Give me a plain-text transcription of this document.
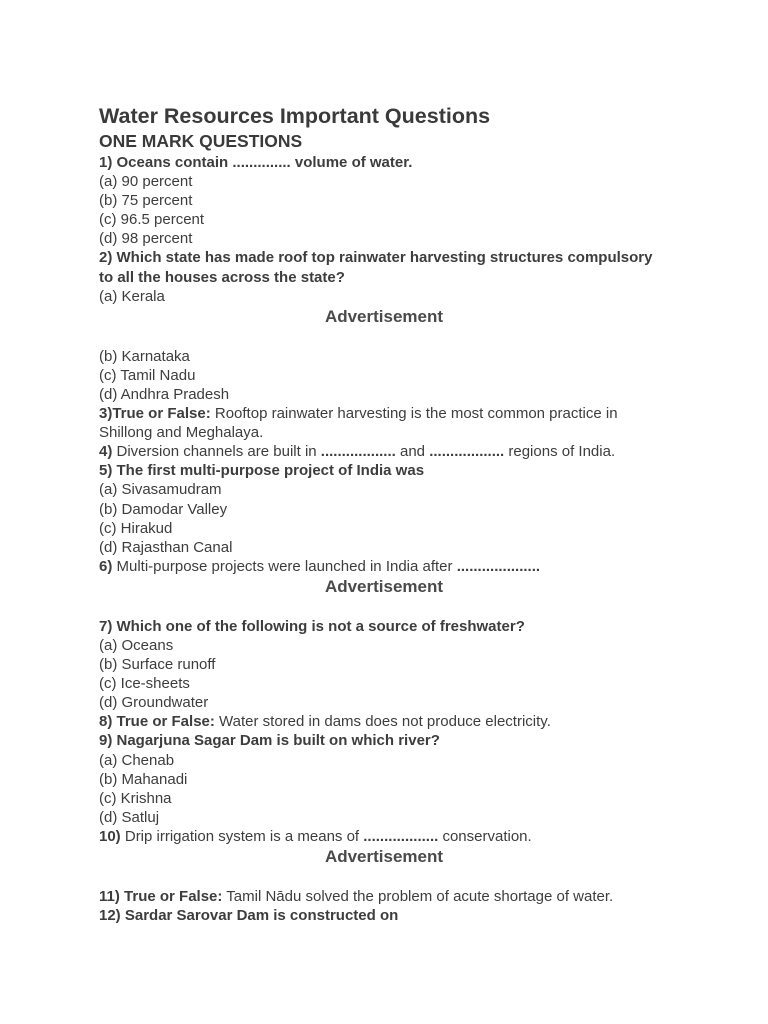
Water Resources Important Questions
ONE MARK QUESTIONS

1) Oceans contain .............. volume of water.

(a) 90 percent

(b) 75 percent

(c) 96.5 percent

(d) 98 percent

2) Which state has made roof top rainwater harvesting structures compulsory to all the houses across the state?

(a) Kerala

Advertisement

(b) Karnataka

(c) Tamil Nadu

(d) Andhra Pradesh

3)True or False: Rooftop rainwater harvesting is the most common practice in Shillong and Meghalaya.

4) Diversion channels are built in .................. and .................. regions of India.

5) The first multi-purpose project of India was

(a) Sivasamudram

(b) Damodar Valley

(c) Hirakud

(d) Rajasthan Canal

6) Multi-purpose projects were launched in India after ....................

Advertisement

7) Which one of the following is not a source of freshwater?

(a) Oceans

(b) Surface runoff

(c) Ice-sheets

(d) Groundwater

8) True or False: Water stored in dams does not produce electricity.

9) Nagarjuna Sagar Dam is built on which river?

(a) Chenab

(b) Mahanadi

(c) Krishna

(d) Satluj

10) Drip irrigation system is a means of .................. conservation.

Advertisement

11) True or False: Tamil Nādu solved the problem of acute shortage of water.

12) Sardar Sarovar Dam is constructed on
